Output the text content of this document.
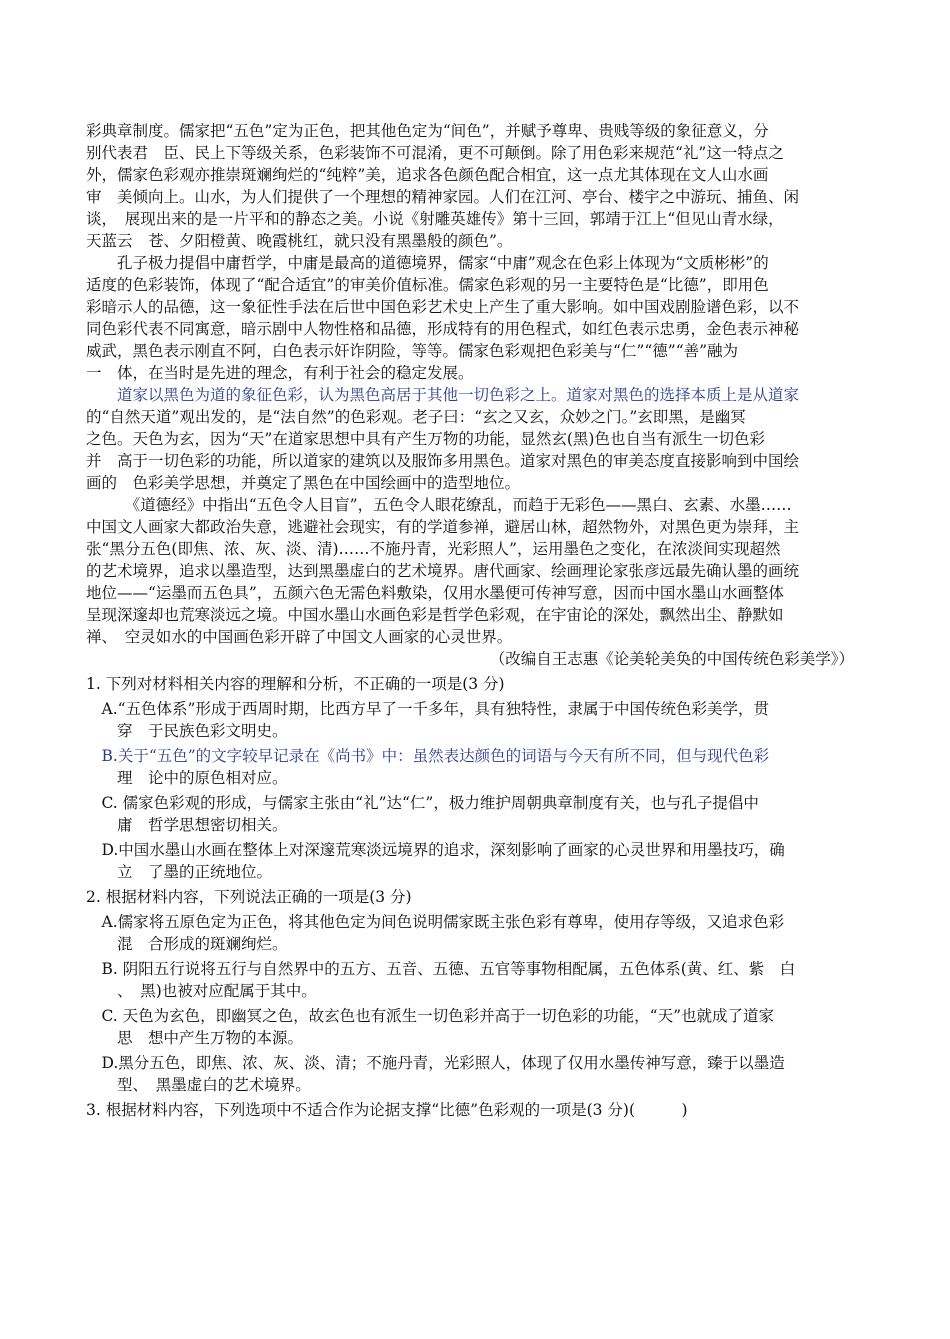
彩典章制度。儒家把“五色”定为正色，把其他色定为“间色”，并赋予尊卑、贵贱等级的象征意义，分
别代表君　臣、民上下等级关系，色彩装饰不可混淆，更不可颠倒。除了用色彩来规范“礼”这一特点之
外，儒家色彩观亦推崇斑斓绚烂的“纯粹”美，追求各色颜色配合相宜，这一点尤其体现在文人山水画
审　美倾向上。山水，为人们提供了一个理想的精神家园。人们在江河、亭台、楼宇之中游玩、捕鱼、闲
谈，　展现出来的是一片平和的静态之美。小说《射雕英雄传》第十三回，郭靖于江上“但见山青水绿，
天蓝云　苍、夕阳橙黄、晚霞桃红，就只没有黑墨般的颜色”。
　　孔子极力提倡中庸哲学，中庸是最高的道德境界，儒家“中庸”观念在色彩上体现为“文质彬彬”的
适度的色彩装饰，体现了“配合适宜”的审美价值标准。儒家色彩观的另一主要特色是“比德”，即用色
彩暗示人的品德，这一象征性手法在后世中国色彩艺术史上产生了重大影响。如中国戏剧脸谱色彩，以不
同色彩代表不同寓意，暗示剧中人物性格和品德，形成特有的用色程式，如红色表示忠勇，金色表示神秘
威武，黑色表示刚直不阿，白色表示奸诈阴险，等等。儒家色彩观把色彩美与“仁”“德”“善”融为
一　体，在当时是先进的理念，有利于社会的稳定发展。
　　道家以黑色为道的象征色彩，认为黑色高居于其他一切色彩之上。道家对黑色的选择本质上是从道家
的“自然天道”观出发的，是“法自然”的色彩观。老子曰：“玄之又玄，众妙之门。”玄即黑，是幽冥
之色。天色为玄，因为“天”在道家思想中具有产生万物的功能，显然玄(黑)色也自当有派生一切色彩
并　高于一切色彩的功能，所以道家的建筑以及服饰多用黑色。道家对黑色的审美态度直接影响到中国绘
画的　色彩美学思想，并奠定了黑色在中国绘画中的造型地位。
　　　《道德经》中指出“五色令人目盲”，五色令人眼花缭乱，而趋于无彩色——黑白、玄素、水墨……
中国文人画家大都政治失意，逃避社会现实，有的学道参禅，避居山林，超然物外，对黑色更为崇拜，主
张“黑分五色(即焦、浓、灰、淡、清)……不施丹青，光彩照人”，运用墨色之变化，在浓淡间实现超然
的艺术境界，追求以墨造型，达到黑墨虚白的艺术境界。唐代画家、绘画理论家张彦远最先确认墨的画统
地位——“运墨而五色具”，五颜六色无需色料敷染，仅用水墨便可传神写意，因而中国水墨山水画整体
呈现深邃却也荒寒淡远之境。中国水墨山水画色彩是哲学色彩观，在宇宙论的深处，飘然出尘、静默如
禅、　空灵如水的中国画色彩开辟了中国文人画家的心灵世界。
（改编自王志惠《论美轮美奂的中国传统色彩美学》）
1. 下列对材料相关内容的理解和分析，不正确的一项是(3 分)
　A.“五色体系”形成于西周时期，比西方早了一千多年，具有独特性，隶属于中国传统色彩美学，贯
　　穿　于民族色彩文明史。
　B.关于“五色”的文字较早记录在《尚书》中：虽然表达颜色的词语与今天有所不同，但与现代色彩
　　理　论中的原色相对应。
　C. 儒家色彩观的形成，与儒家主张由“礼”达“仁”，极力维护周朝典章制度有关，也与孔子提倡中
　　庸　哲学思想密切相关。
　D.中国水墨山水画在整体上对深邃荒寒淡远境界的追求，深刻影响了画家的心灵世界和用墨技巧，确
　　立　了墨的正统地位。
2. 根据材料内容，下列说法正确的一项是(3 分)
　A.儒家将五原色定为正色，将其他色定为间色说明儒家既主张色彩有尊卑，使用存等级，又追求色彩
　　混　合形成的斑斓绚烂。
　B. 阴阳五行说将五行与自然界中的五方、五音、五德、五官等事物相配属，五色体系(黄、红、紫　白
　　、　黑)也被对应配属于其中。
　C. 天色为玄色，即幽冥之色，故玄色也有派生一切色彩并高于一切色彩的功能，“天”也就成了道家
　　思　想中产生万物的本源。
　D.黑分五色，即焦、浓、灰、淡、清；不施丹青，光彩照人，体现了仅用水墨传神写意，臻于以墨造
　　型、　黑墨虚白的艺术境界。
3. 根据材料内容，下列选项中不适合作为论据支撑“比德”色彩观的一项是(3 分)(　　　)
